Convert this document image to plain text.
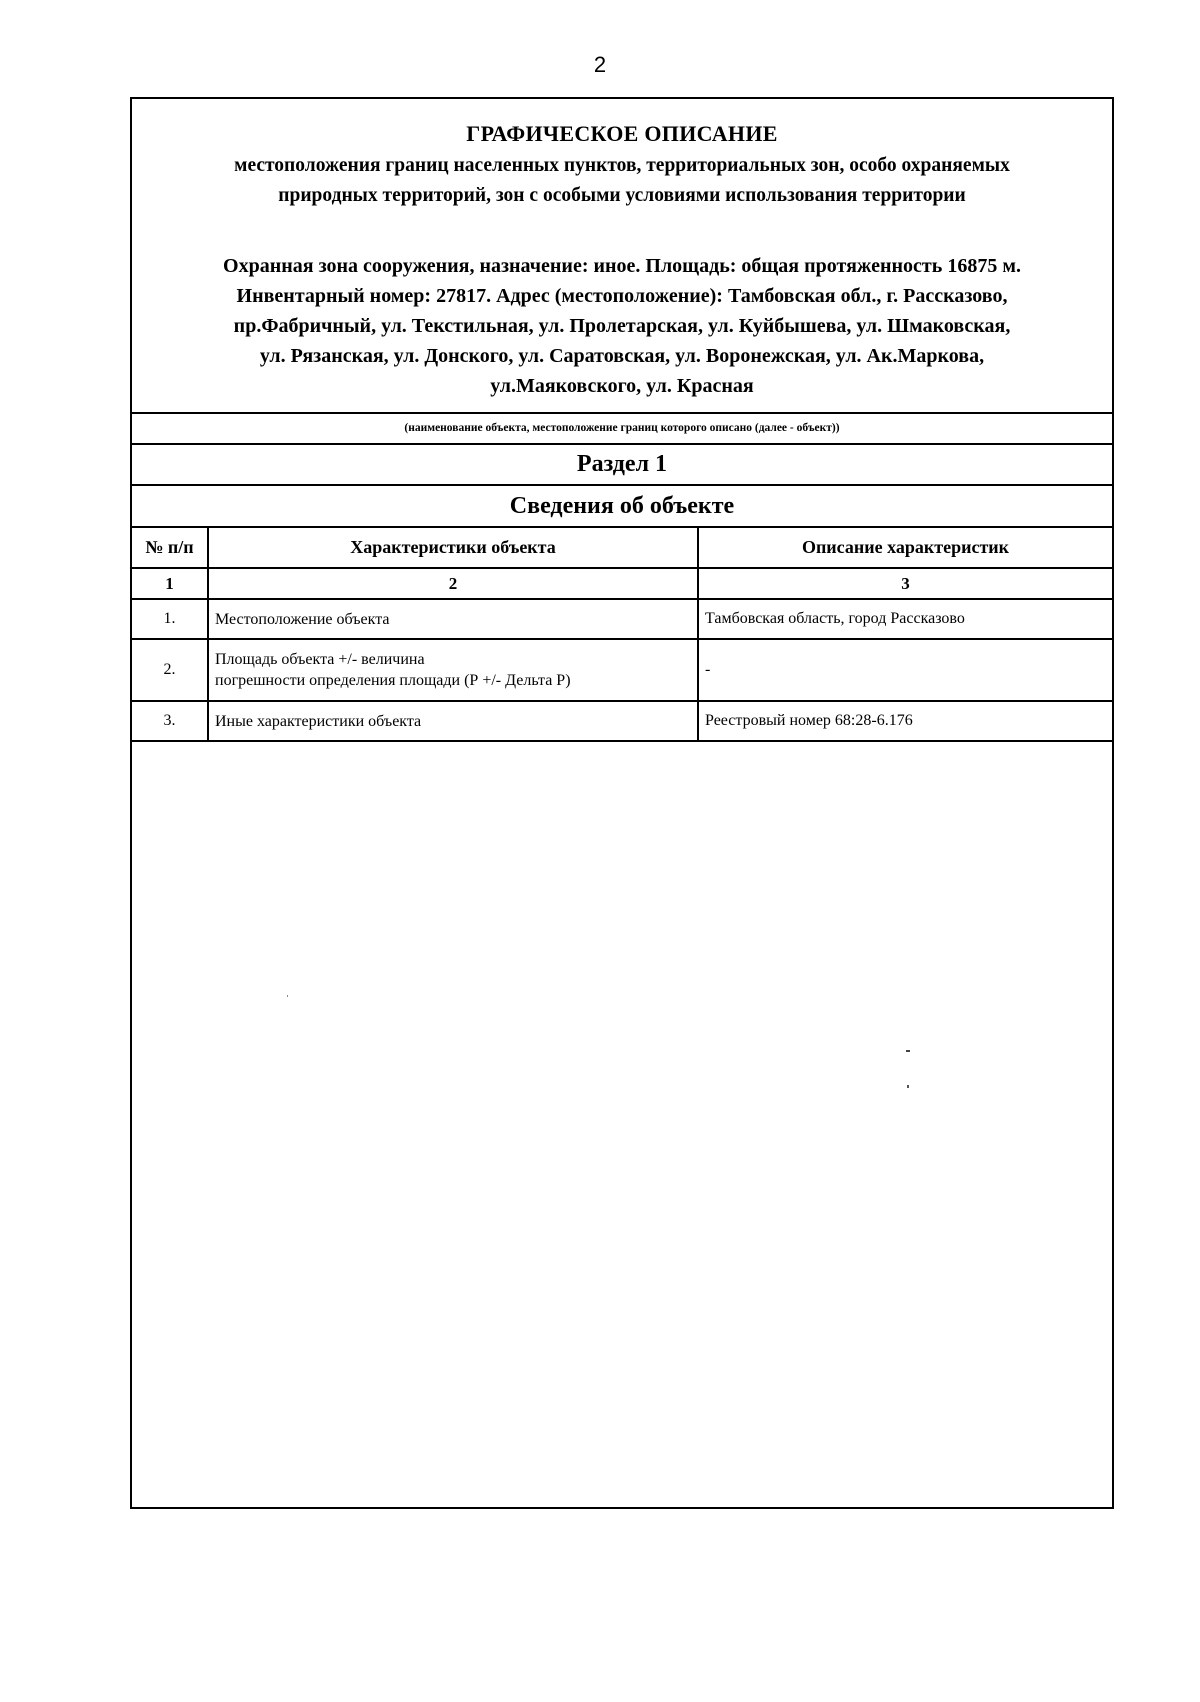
2
ГРАФИЧЕСКОЕ ОПИСАНИЕ
местоположения границ населенных пунктов, территориальных зон, особо охраняемых
природных территорий, зон с особыми условиями использования территории
Охранная зона сооружения, назначение: иное. Площадь: общая протяженность 16875 м.
Инвентарный номер: 27817. Адрес (местоположение): Тамбовская обл., г. Рассказово,
пр.Фабричный, ул. Текстильная, ул. Пролетарская, ул. Куйбышева, ул. Шмаковская,
ул. Рязанская, ул. Донского, ул. Саратовская, ул. Воронежская, ул. Ак.Маркова,
ул.Маяковского, ул. Красная
(наименование объекта, местоположение границ которого описано (далее - объект))
Раздел 1
Сведения об объекте
№ п/п	Характеристики объекта	Описание характеристик
1	2	3
1.	Местоположение объекта	Тамбовская область, город Рассказово
2.	Площадь объекта +/- величина
погрешности определения площади (Р +/- Дельта Р)	-
3.	Иные характеристики объекта	Реестровый номер 68:28-6.176
